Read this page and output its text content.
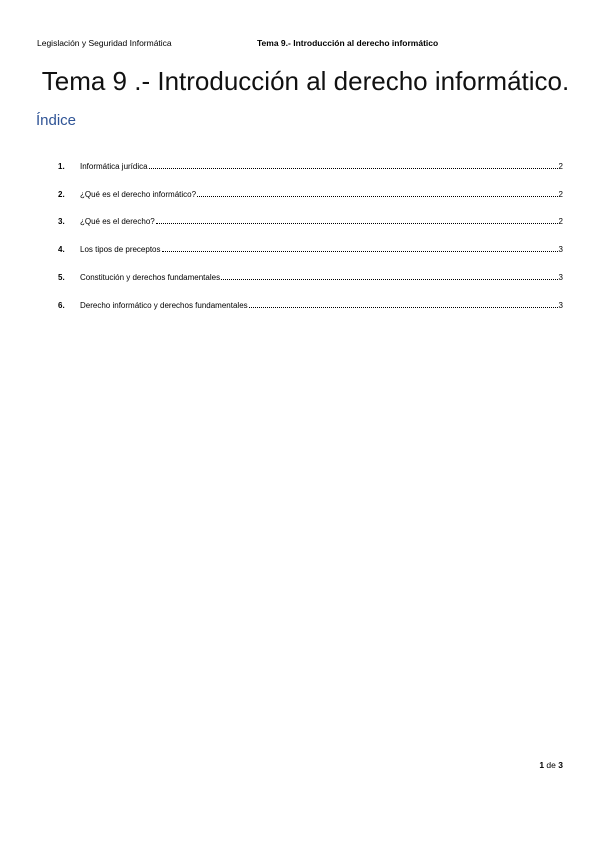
Legislación y Seguridad Informática	Tema 9.- Introducción al derecho informático
Tema 9 .- Introducción al derecho informático.
Índice
1.	Informática jurídica	2
2.	¿Qué es el derecho informático?	2
3.	¿Qué es el derecho?	2
4.	Los tipos de preceptos	3
5.	Constitución y derechos fundamentales	3
6.	Derecho informático y derechos fundamentales	3
1 de 3
